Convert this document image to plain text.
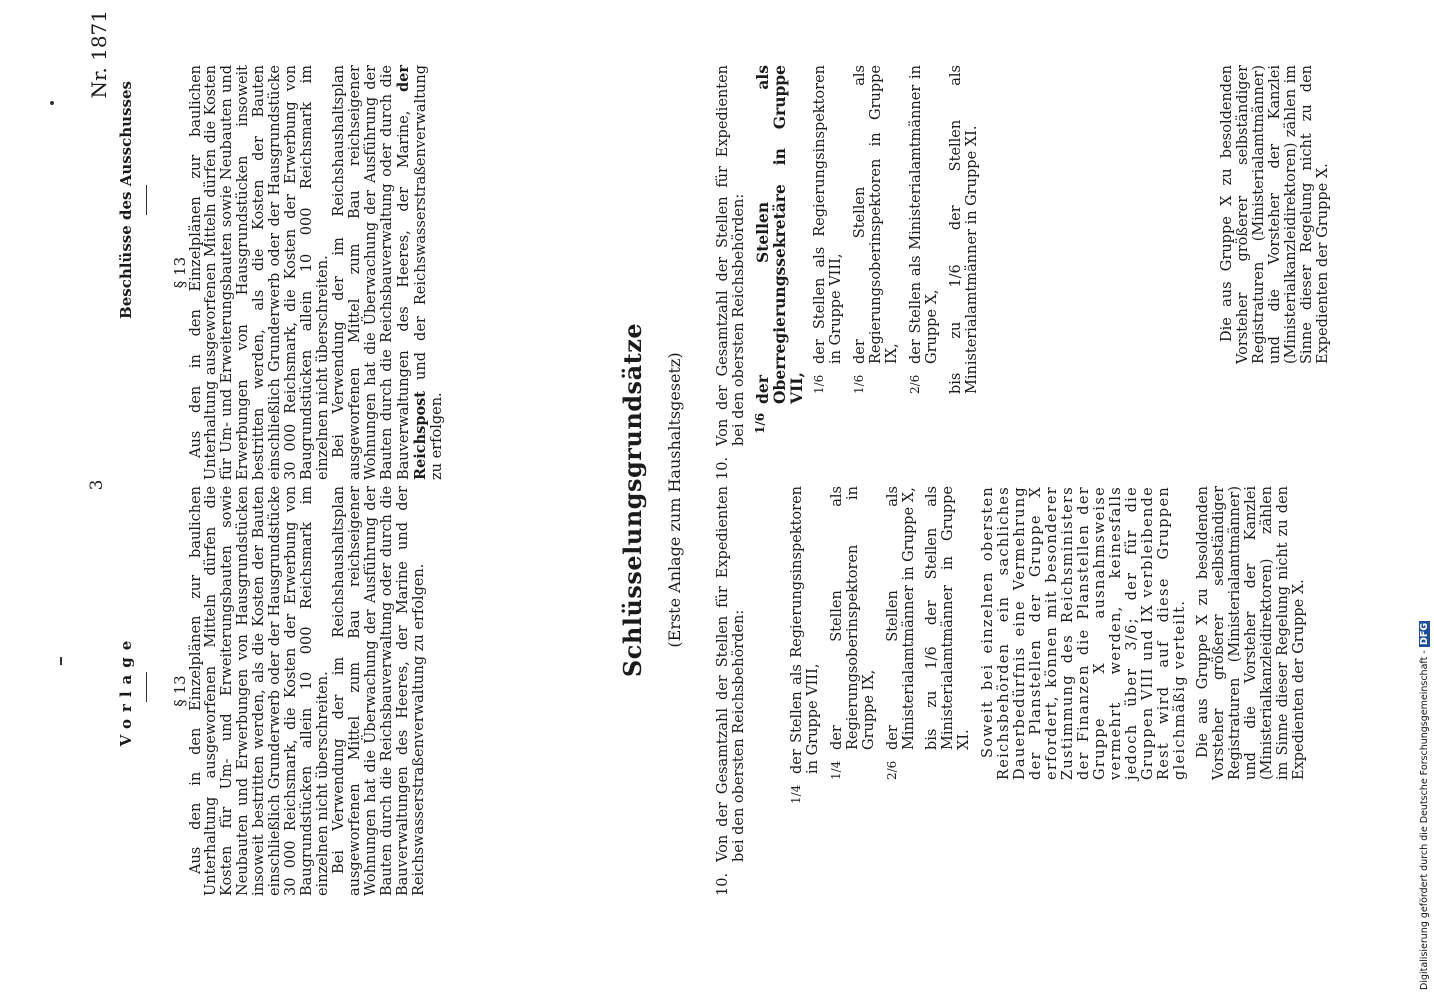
Vorlage
3
Beschlüsse des Ausschusses
Nr. 1871

§ 13

Aus den in den Einzelplänen zur baulichen Unterhaltung ausgeworfenen Mitteln dürfen die Kosten für Um- und Erweiterungsbauten sowie Neubauten und Erwerbungen von Hausgrundstücken insoweit bestritten werden, als die Kosten der Bauten einschließlich Grunderwerb oder der Hausgrundstücke 30 000 Reichsmark, die Kosten der Erwerbung von Baugrundstücken allein 10 000 Reichsmark im einzelnen nicht überschreiten. Bei Verwendung der im Reichshaushaltsplan ausgeworfenen Mittel zum Bau reichseigener Wohnungen hat die Überwachung der Ausführung der Bauten durch die Reichsbauverwaltung oder durch die Bauverwaltungen des Heeres, der Marine und der Reichswasserstraßenverwaltung zu erfolgen.

§ 13

Aus den in den Einzelplänen zur baulichen Unterhaltung ausgeworfenen Mitteln dürfen die Kosten für Um- und Erweiterungsbauten sowie Neubauten und Erwerbungen von Hausgrundstücken insoweit bestritten werden, als die Kosten der Bauten einschließlich Grunderwerb oder der Hausgrundstücke 30 000 Reichsmark, die Kosten der Erwerbung von Baugrundstücken allein 10 000 Reichsmark im einzelnen nicht überschreiten. Bei Verwendung der im Reichshaushaltsplan ausgeworfenen Mittel zum Bau reichseigener Wohnungen hat die Überwachung der Ausführung der Bauten durch die Reichsbauverwaltung oder durch die Bauverwaltungen des Heeres, der Marine, der Reichspost und der Reichswasserstraßenverwaltung zu erfolgen.	Schlüsselungsgrundsätze (Erste Anlage zum Haushaltsgesetz)
10.
Von der Gesamtzahl der Stellen für Expedienten bei den obersten Reichsbehörden:	1/4
der Stellen als Regierungsinspektoren in Gruppe VIII, 1/4
der Stellen als Regierungsoberinspektoren in Gruppe IX,
2/6
der Stellen als Ministerialamtmänner in Gruppe X, bis zu 1/6 der Stellen als Ministerialamtmänner in Gruppe XI. Soweit bei einzelnen obersten Reichsbehörden ein sachliches Dauerbedürfnis eine Vermehrung der Planstellen der Gruppe X erfordert, können mit besonderer Zustimmung des Reichsministers der Finanzen die Planstellen der Gruppe X ausnahmsweise vermehrt werden, keinesfalls jedoch über 3/6; der für die Gruppen VIII und IX verbleibende Rest wird auf diese Gruppen gleichmäßig verteilt. Die aus Gruppe X zu besoldenden Vorsteher größerer selbständiger Registraturen (Ministerialamtmänner) und die Vorsteher der Kanzlei (Ministerialkanzleidirektoren) zählen im Sinne dieser Regelung nicht zu den Expedienten der Gruppe X.

10.
Von der Gesamtzahl der Stellen für Expedienten bei den obersten Reichsbehörden: 1/6
der Stellen als Oberregierungssekretäre in Gruppe VII, 1/6
der Stellen als Regierungsinspektoren in Gruppe VIII,
1/6
der Stellen als Regierungsoberinspektoren in Gruppe IX,
2/6
der Stellen als Ministerialamtmänner in Gruppe X, bis zu 1/6 der Stellen als Ministerialamtmänner in Gruppe XI.	Die aus Gruppe X zu besoldenden Vorsteher größerer selbständiger Registraturen (Ministerialamtmänner) und die Vorsteher der Kanzlei (Ministerialkanzleidirektoren) zählen im Sinne dieser Regelung nicht zu den Expedienten der Gruppe X.

Digitalisierung gefördert durch die Deutsche Forschungsgemeinschaft - DFG
